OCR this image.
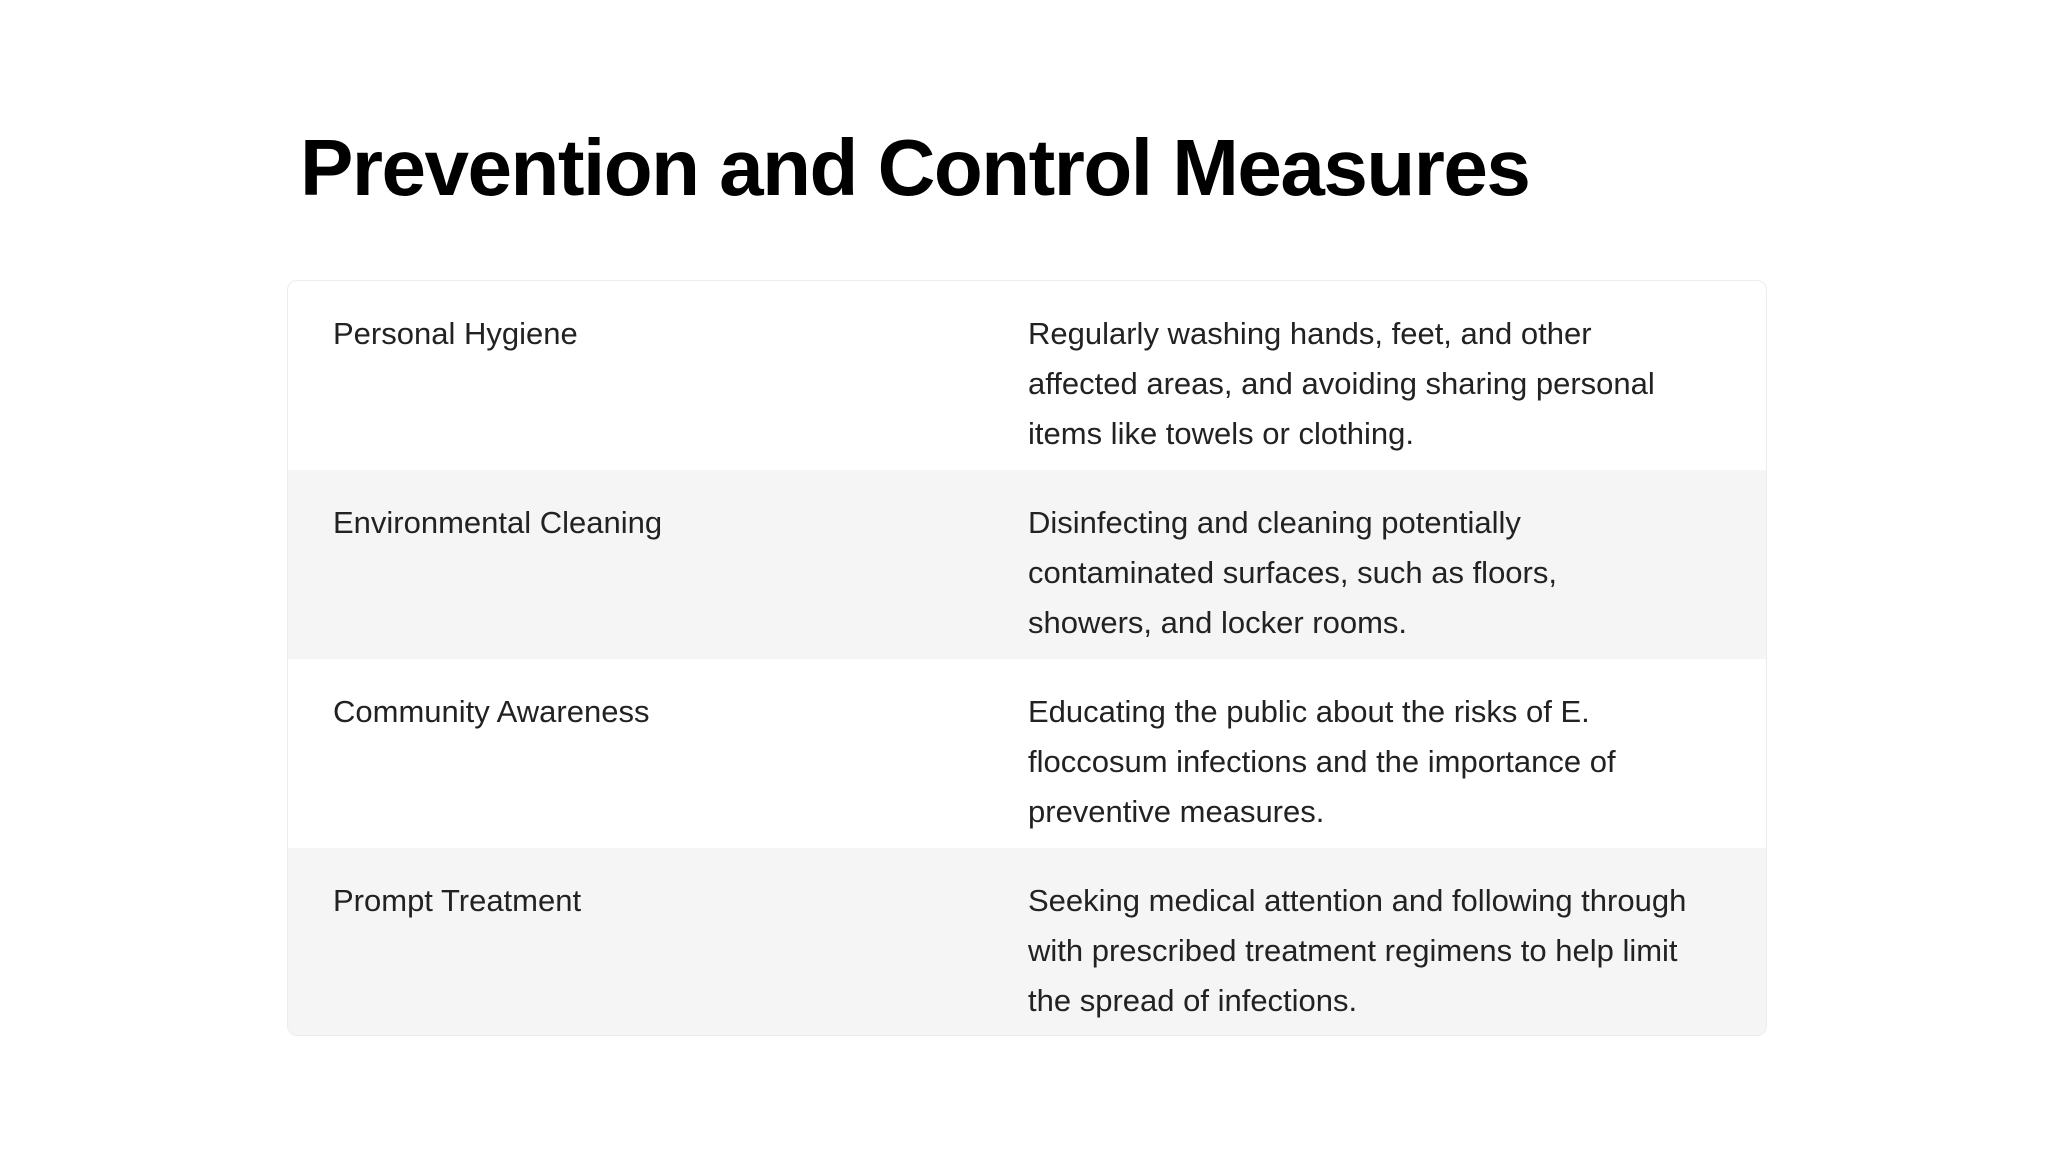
Prevention and Control Measures
Personal Hygiene	Regularly washing hands, feet, and other affected areas, and avoiding sharing personal items like towels or clothing.
Environmental Cleaning	Disinfecting and cleaning potentially contaminated surfaces, such as floors, showers, and locker rooms.
Community Awareness	Educating the public about the risks of E. floccosum infections and the importance of preventive measures.
Prompt Treatment	Seeking medical attention and following through with prescribed treatment regimens to help limit the spread of infections.
